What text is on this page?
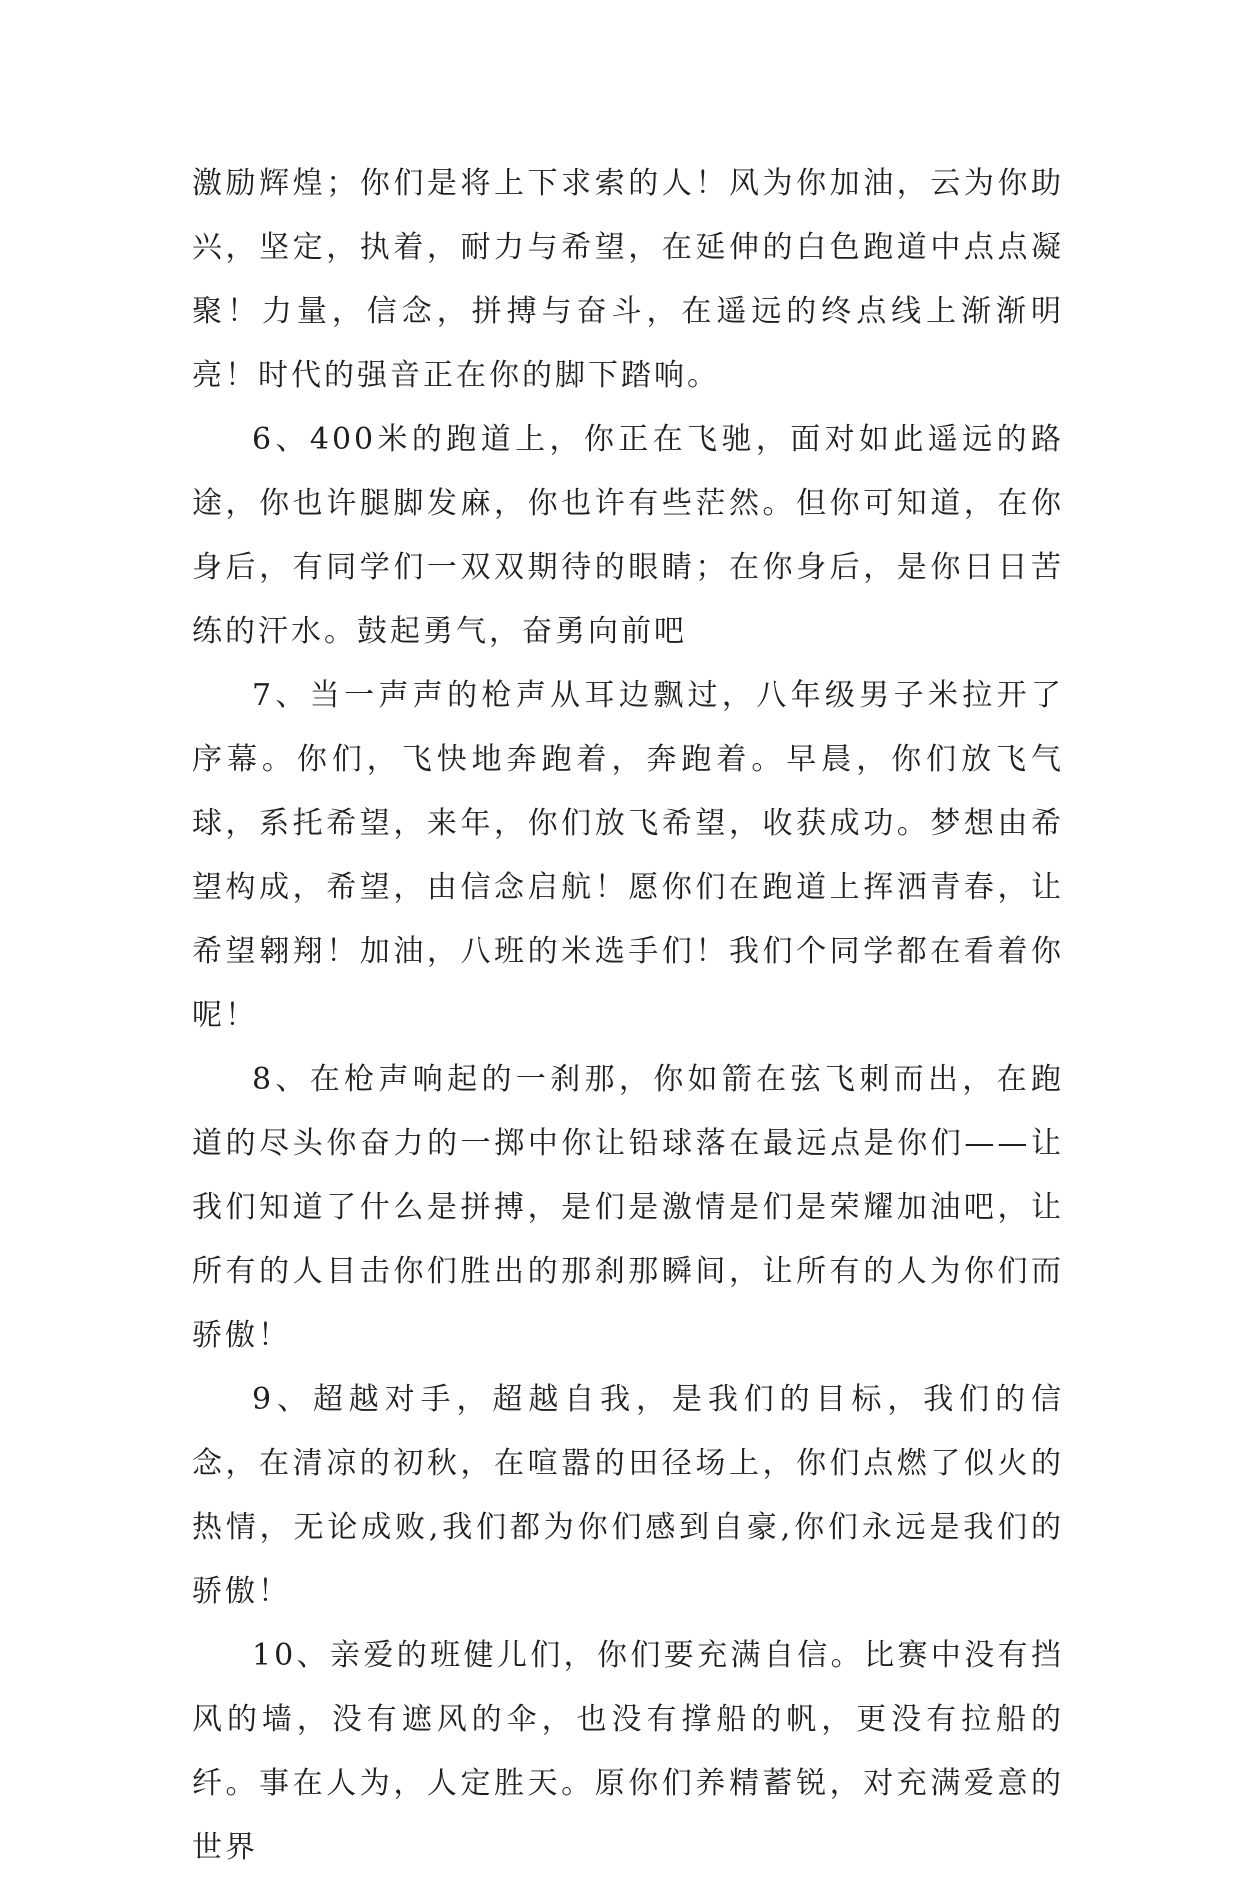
激励辉煌；你们是将上下求索的人！风为你加油，云为你助兴，坚定，执着，耐力与希望，在延伸的白色跑道中点点凝聚！力量，信念，拼搏与奋斗，在遥远的终点线上渐渐明亮！时代的强音正在你的脚下踏响。

6、400米的跑道上，你正在飞驰，面对如此遥远的路途，你也许腿脚发麻，你也许有些茫然。但你可知道，在你身后，有同学们一双双期待的眼睛；在你身后，是你日日苦练的汗水。鼓起勇气，奋勇向前吧

7、当一声声的枪声从耳边飘过，八年级男子米拉开了序幕。你们，飞快地奔跑着，奔跑着。早晨，你们放飞气球，系托希望，来年，你们放飞希望，收获成功。梦想由希望构成，希望，由信念启航！愿你们在跑道上挥洒青春，让希望翱翔！加油，八班的米选手们！我们个同学都在看着你呢！

8、在枪声响起的一刹那，你如箭在弦飞刺而出，在跑道的尽头你奋力的一掷中你让铅球落在最远点是你们——让我们知道了什么是拼搏，是们是激情是们是荣耀加油吧，让所有的人目击你们胜出的那刹那瞬间，让所有的人为你们而骄傲！

9、超越对手，超越自我，是我们的目标，我们的信念，在清凉的初秋，在喧嚣的田径场上，你们点燃了似火的热情，无论成败,我们都为你们感到自豪,你们永远是我们的骄傲！

10、亲爱的班健儿们，你们要充满自信。比赛中没有挡风的墙，没有遮风的伞，也没有撑船的帆，更没有拉船的纤。事在人为，人定胜天。原你们养精蓄锐，对充满爱意的世界
